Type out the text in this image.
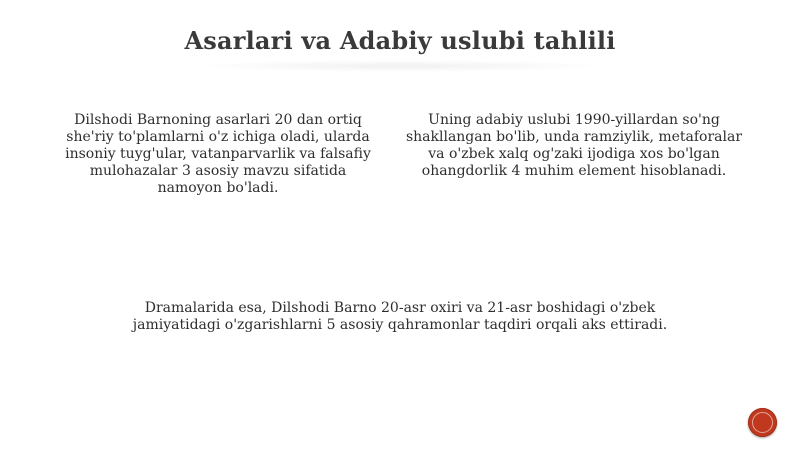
Asarlari va Adabiy uslubi tahlili
Dilshodi Barnoning asarlari 20 dan ortiq she'riy to'plamlarni o'z ichiga oladi, ularda insoniy tuyg'ular, vatanparvarlik va falsafiy mulohazalar 3 asosiy mavzu sifatida namoyon bo'ladi.
Uning adabiy uslubi 1990-yillardan so'ng shakllangan bo'lib, unda ramziylik, metaforalar va o'zbek xalq og'zaki ijodiga xos bo'lgan ohangdorlik 4 muhim element hisoblanadi.
Dramalarida esa, Dilshodi Barno 20-asr oxiri va 21-asr boshidagi o'zbek jamiyatidagi o'zgarishlarni 5 asosiy qahramonlar taqdiri orqali aks ettiradi.
